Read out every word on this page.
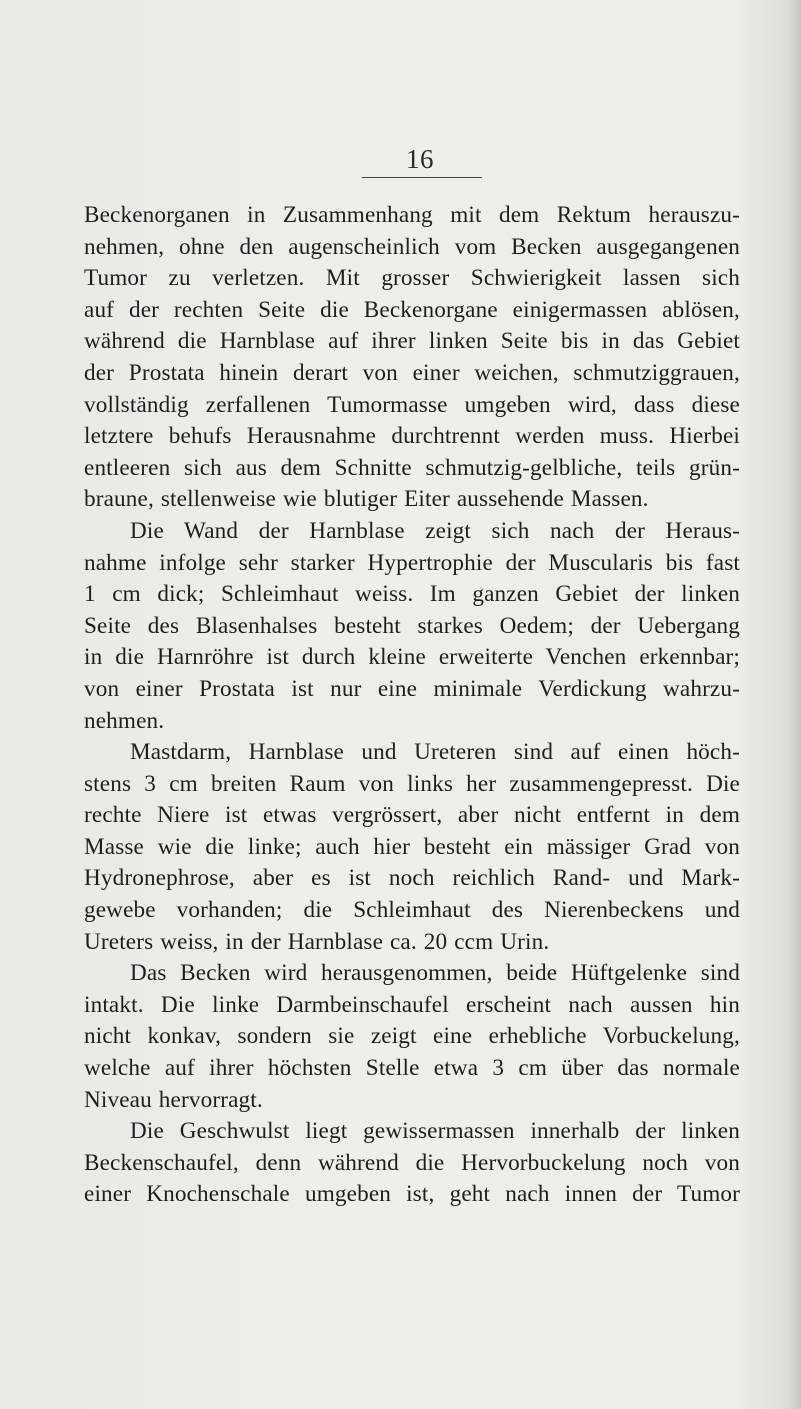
16
Beckenorganen in Zusammenhang mit dem Rektum herauszu-
nehmen, ohne den augenscheinlich vom Becken ausgegangenen
Tumor zu verletzen. Mit grosser Schwierigkeit lassen sich
auf der rechten Seite die Beckenorgane einigermassen ablösen,
während die Harnblase auf ihrer linken Seite bis in das Gebiet
der Prostata hinein derart von einer weichen, schmutziggrauen,
vollständig zerfallenen Tumormasse umgeben wird, dass diese
letztere behufs Herausnahme durchtrennt werden muss. Hierbei
entleeren sich aus dem Schnitte schmutzig-gelbliche, teils grün-
braune, stellenweise wie blutiger Eiter aussehende Massen.
Die Wand der Harnblase zeigt sich nach der Heraus-
nahme infolge sehr starker Hypertrophie der Muscularis bis fast
1 cm dick; Schleimhaut weiss. Im ganzen Gebiet der linken
Seite des Blasenhalses besteht starkes Oedem; der Uebergang
in die Harnröhre ist durch kleine erweiterte Venchen erkennbar;
von einer Prostata ist nur eine minimale Verdickung wahrzu-
nehmen.
Mastdarm, Harnblase und Ureteren sind auf einen höch-
stens 3 cm breiten Raum von links her zusammengepresst. Die
rechte Niere ist etwas vergrössert, aber nicht entfernt in dem
Masse wie die linke; auch hier besteht ein mässiger Grad von
Hydronephrose, aber es ist noch reichlich Rand- und Mark-
gewebe vorhanden; die Schleimhaut des Nierenbeckens und
Ureters weiss, in der Harnblase ca. 20 ccm Urin.
Das Becken wird herausgenommen, beide Hüftgelenke sind
intakt. Die linke Darmbeinschaufel erscheint nach aussen hin
nicht konkav, sondern sie zeigt eine erhebliche Vorbuckelung,
welche auf ihrer höchsten Stelle etwa 3 cm über das normale
Niveau hervorragt.
Die Geschwulst liegt gewissermassen innerhalb der linken
Beckenschaufel, denn während die Hervorbuckelung noch von
einer Knochenschale umgeben ist, geht nach innen der Tumor
